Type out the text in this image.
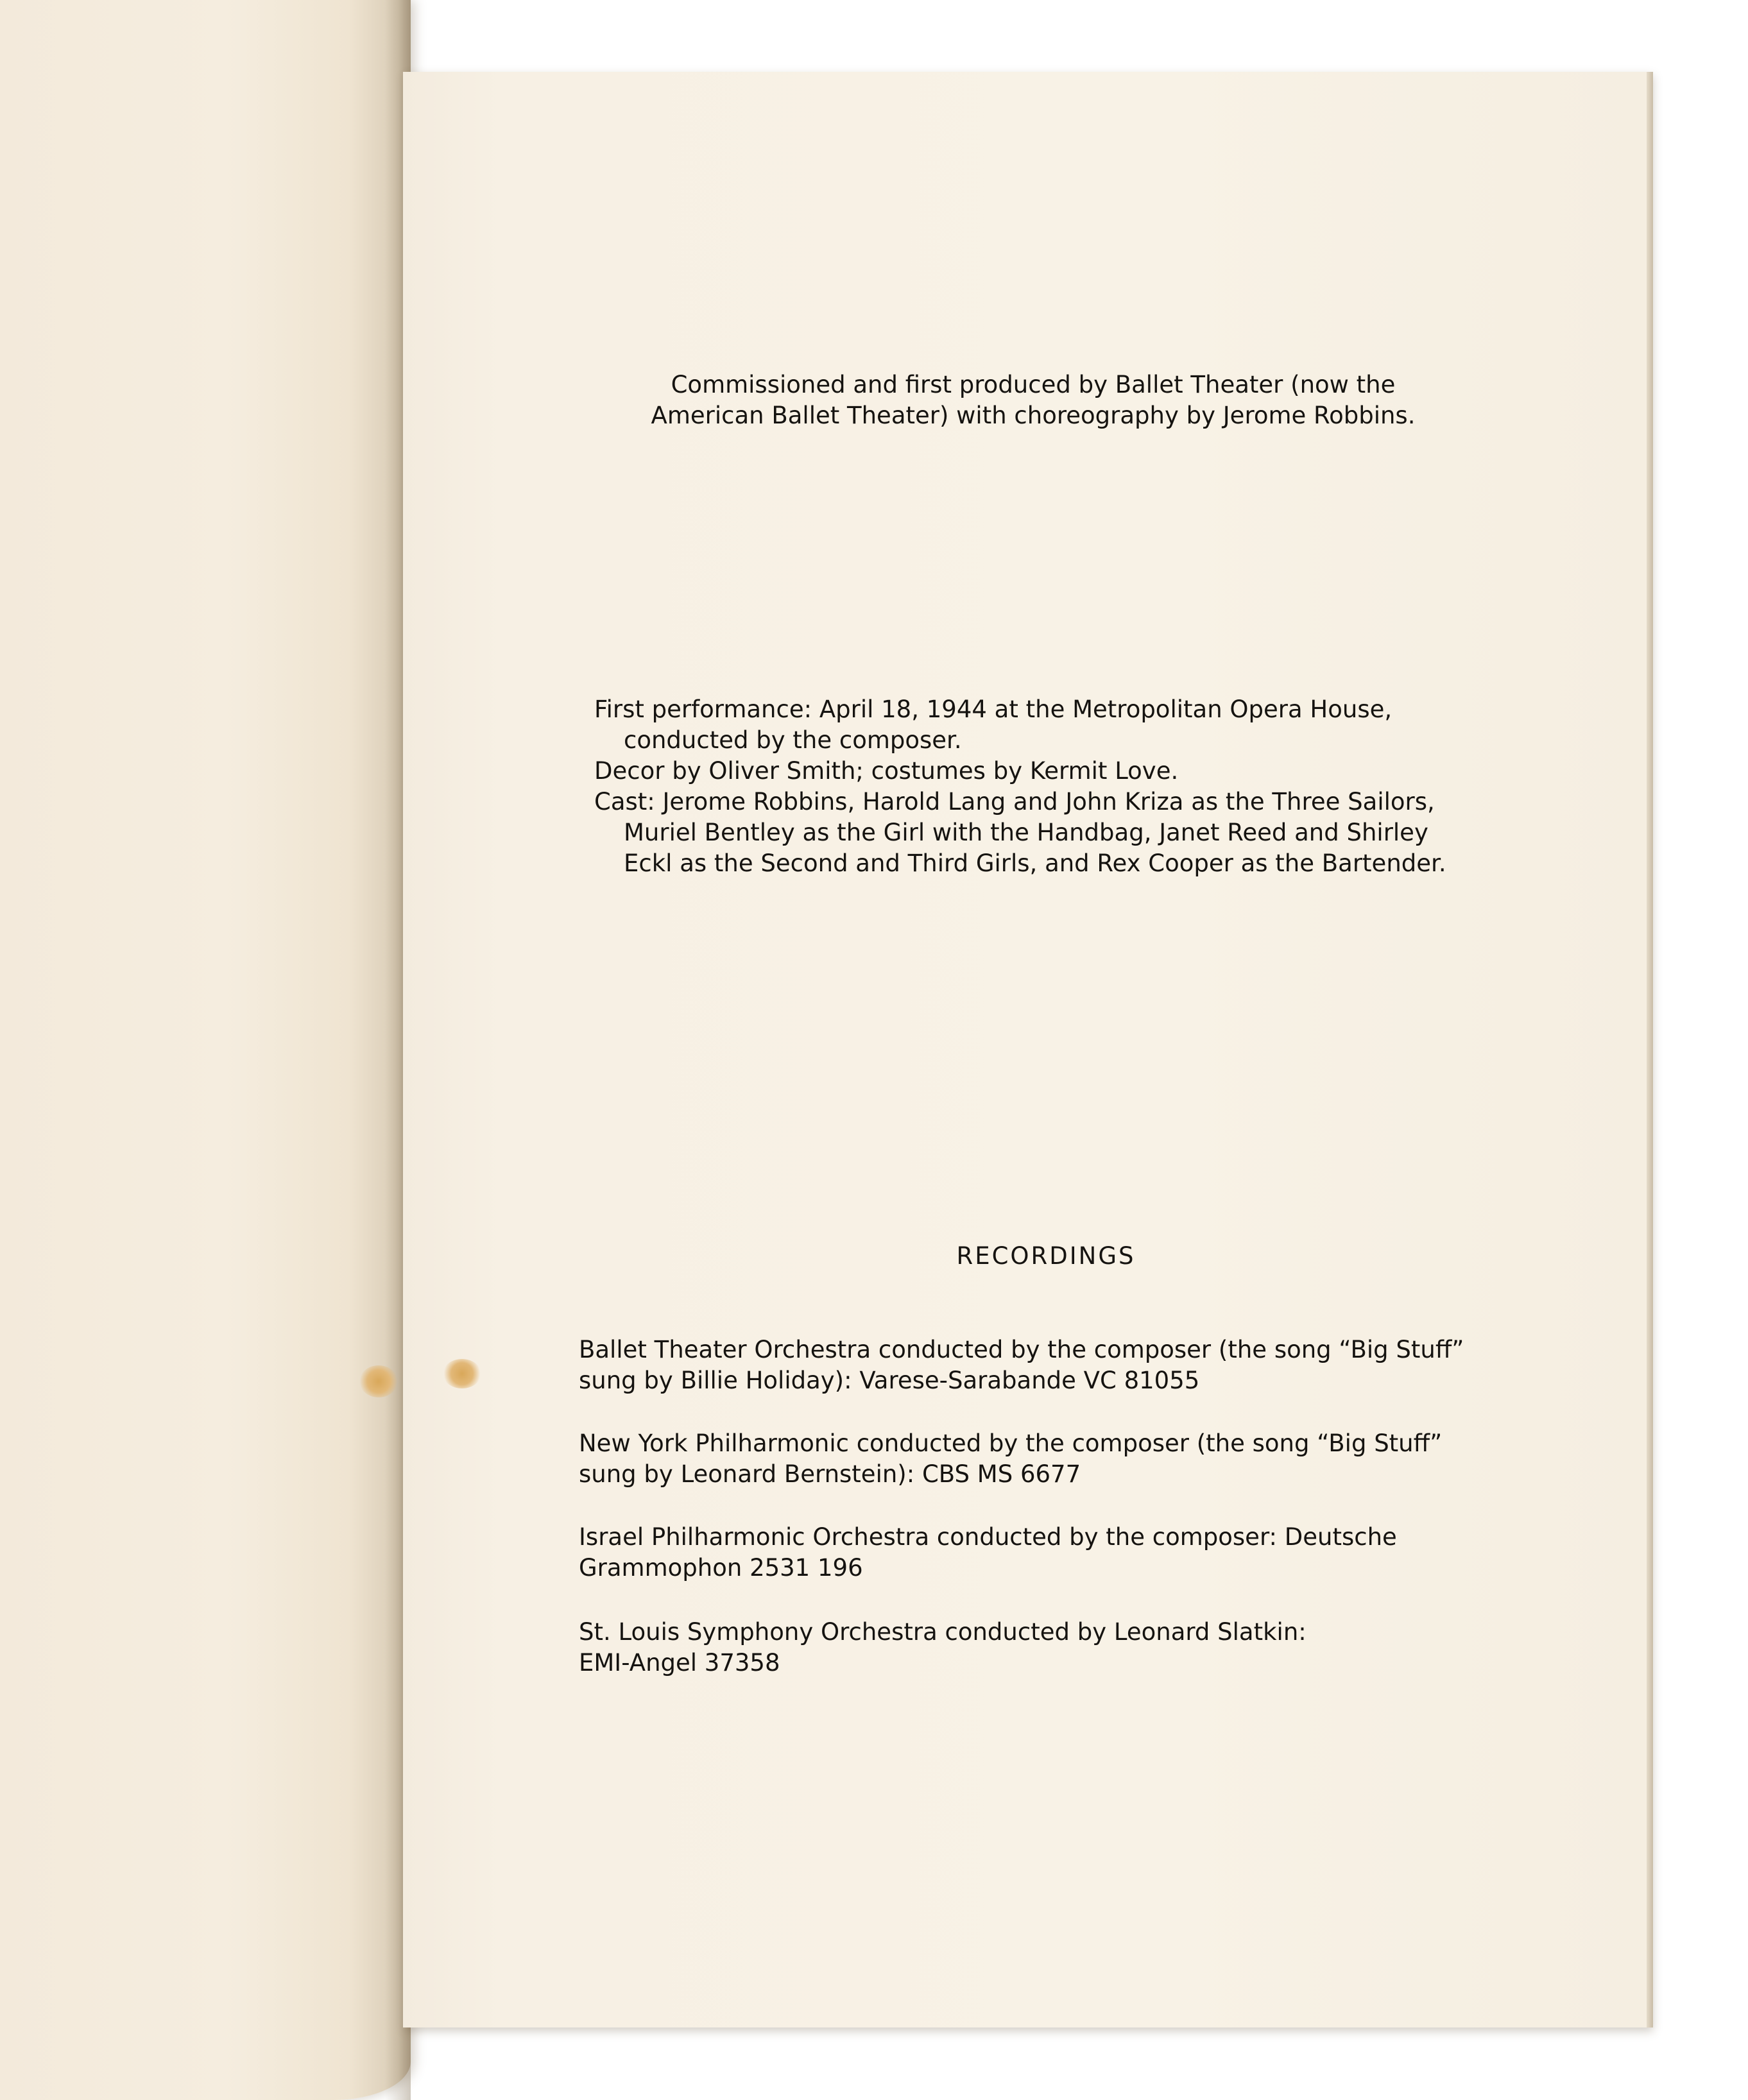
Commissioned and first produced by Ballet Theater (now the
American Ballet Theater) with choreography by Jerome Robbins.
First performance: April 18, 1944 at the Metropolitan Opera House,
conducted by the composer.
Decor by Oliver Smith; costumes by Kermit Love.
Cast: Jerome Robbins, Harold Lang and John Kriza as the Three Sailors,
Muriel Bentley as the Girl with the Handbag, Janet Reed and Shirley
Eckl as the Second and Third Girls, and Rex Cooper as the Bartender.
RECORDINGS
Ballet Theater Orchestra conducted by the composer (the song “Big Stuff”
sung by Billie Holiday): Varese-Sarabande VC 81055
New York Philharmonic conducted by the composer (the song “Big Stuff”
sung by Leonard Bernstein): CBS MS 6677
Israel Philharmonic Orchestra conducted by the composer: Deutsche
Grammophon 2531 196
St. Louis Symphony Orchestra conducted by Leonard Slatkin:
EMI-Angel 37358
